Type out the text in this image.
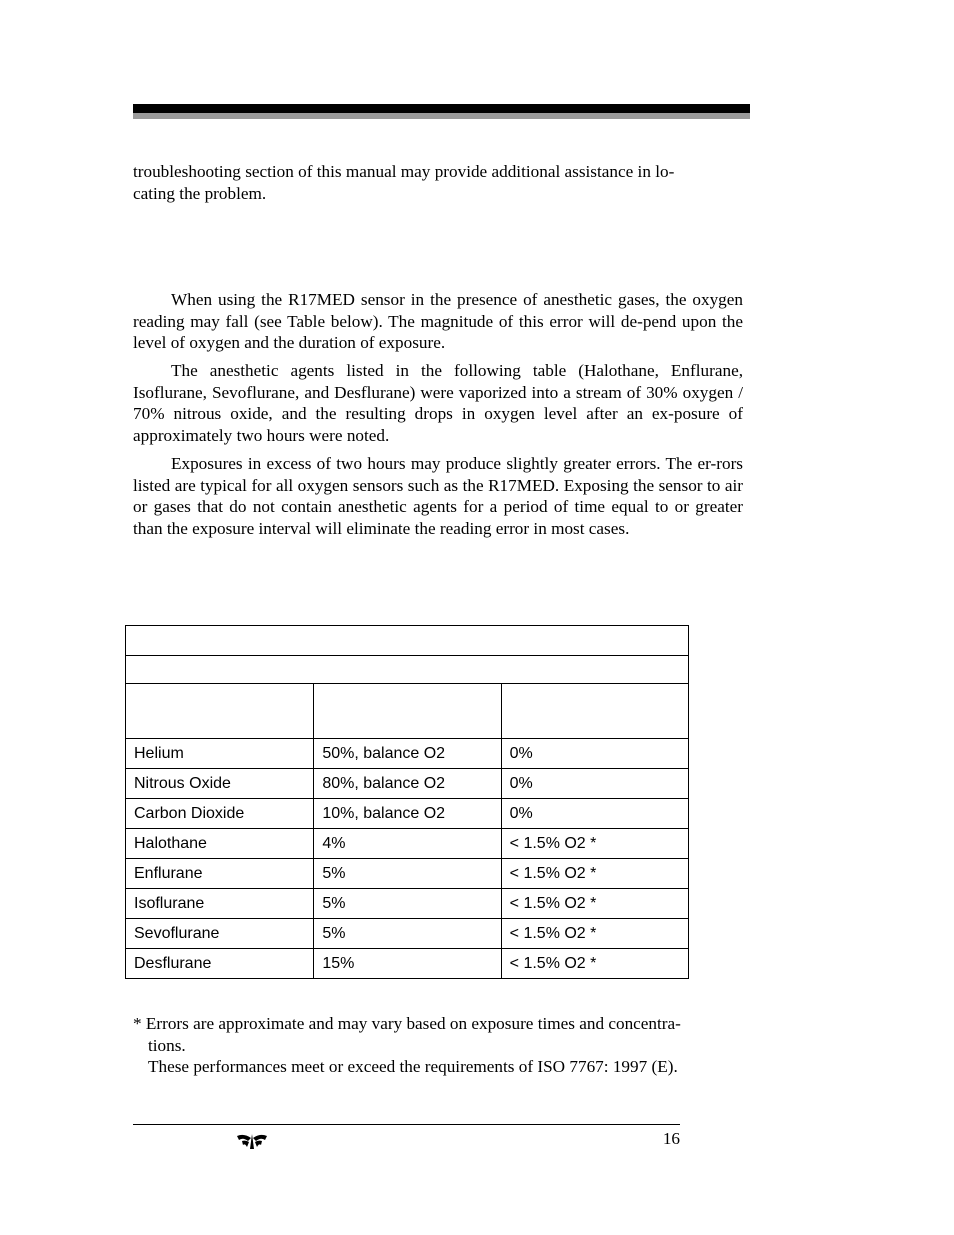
troubleshooting section of this manual may provide additional assistance in lo-

cating the problem.

When using the R17MED sensor in the presence of anesthetic gases, the oxygen reading may fall (see Table below). The magnitude of this error will de-pend upon the level of oxygen and the duration of exposure.

The anesthetic agents listed in the following table (Halothane, Enflurane, Isoflurane, Sevoflurane, and Desflurane) were vaporized into a stream of 30% oxygen / 70% nitrous oxide, and the resulting drops in oxygen level after an ex-posure of approximately two hours were noted.

Exposures in excess of two hours may produce slightly greater errors. The er-rors listed are typical for all oxygen sensors such as the R17MED. Exposing the sensor to air or gases that do not contain anesthetic agents for a period of time equal to or greater than the exposure interval will eliminate the reading error in most cases.

Helium	50%, balance O2	0%
Nitrous Oxide	80%, balance O2	0%
Carbon Dioxide	10%, balance O2	0%
Halothane	4%	< 1.5% O2 *
Enflurane	5%	< 1.5% O2 *
Isoflurane	5%	< 1.5% O2 *
Sevoflurane	5%	< 1.5% O2 *
Desflurane	15%	< 1.5% O2 *

* Errors are approximate and may vary based on exposure times and concentra-

tions.

These performances meet or exceed the requirements of ISO 7767: 1997 (E).

16
